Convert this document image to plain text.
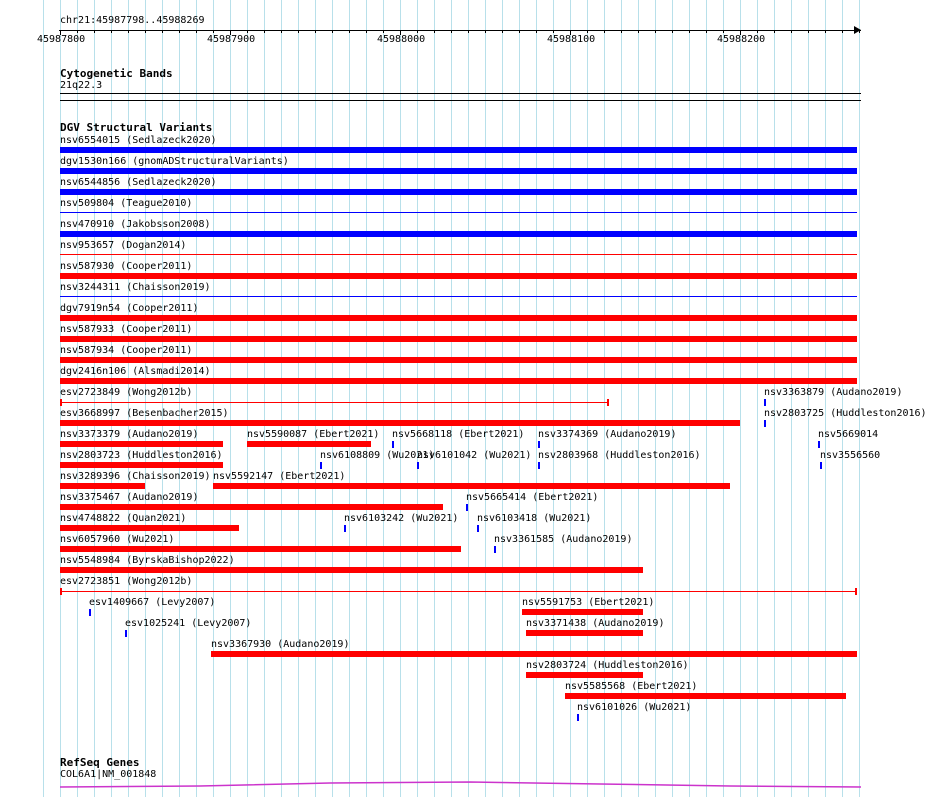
chr21:45987798..45988269
45987800	45987900	45988000	45988100	45988200
Cytogenetic Bands
21q22.3
DGV Structural Variants
nsv6554015 (Sedlazeck2020)
dgv1530n166 (gnomADStructuralVariants)
nsv6544856 (Sedlazeck2020)
nsv509804 (Teague2010)
nsv470910 (Jakobsson2008)
nsv953657 (Dogan2014)
nsv587930 (Cooper2011)
nsv3244311 (Chaisson2019)
dgv7919n54 (Cooper2011)
nsv587933 (Cooper2011)
nsv587934 (Cooper2011)
dgv2416n106 (Alsmadi2014)
esv2723849 (Wong2012b)	nsv3363879 (Audano2019)
esv3668997 (Besenbacher2015)	nsv2803725 (Huddleston2016)
nsv3373379 (Audano2019)	nsv5590087 (Ebert2021) nsv5668118 (Ebert2021) nsv3374369 (Audano2019)	nsv5669014
nsv2803723 (Huddleston2016)	nsv6108809 (Wu2021)
nsv6101042 (Wu2021) nsv2803968 (Huddleston2016)	nsv3556560
nsv3289396 (Chaisson2019) nsv5592147 (Ebert2021)
nsv3375467 (Audano2019)	nsv5665414 (Ebert2021)
nsv4748822 (Quan2021)	nsv6103242 (Wu2021) nsv6103418 (Wu2021)
nsv6057960 (Wu2021)	nsv3361585 (Audano2019)
nsv5548984 (ByrskaBishop2022)
esv2723851 (Wong2012b)
esv1409667 (Levy2007)	nsv5591753 (Ebert2021)
esv1025241 (Levy2007)	nsv3371438 (Audano2019)
nsv3367930 (Audano2019)
nsv2803724 (Huddleston2016)
nsv5585568 (Ebert2021)
nsv6101026 (Wu2021)
RefSeq Genes
COL6A1|NM_001848
